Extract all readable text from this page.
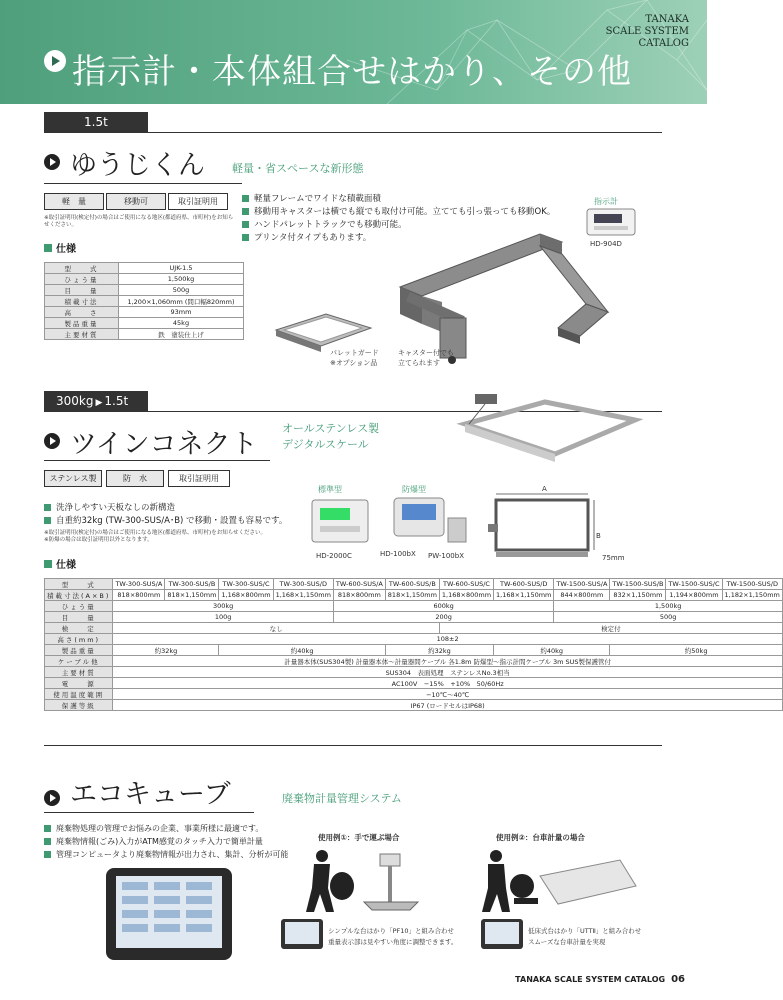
指示計・本体組合せはかり、その他
TANAKA
SCALE SYSTEM
CATALOG
1.5t
ゆうじくん 軽量・省スペースな新形態
軽　量	移動可	取引証明用
※取引証明用(検定付)の場合はご使用になる地区(都道府県、市町村)をお知らせください。
仕様
型　　式	UJK-1.5
ひょう量	1,500kg
目　　量	500g
積載寸法	1,200×1,060mm (間口幅820mm)
高　　さ	93mm
製品重量	45kg
主要材質	鉄　塗装仕上げ
軽量フレームでワイドな積載面積
移動用キャスターは横でも縦でも取付け可能。立てても引っ張っても移動OK。
ハンドパレットトラックでも移動可能。
プリンタ付タイプもあります。
指示計
HD-904D
パレットガード
※オプション品
キャスター付でも
立てられます
300kg ▶ 1.5t
ツインコネクト
オールステンレス製
デジタルスケール
ステンレス製	防　水	取引証明用
洗浄しやすい天板なしの新構造
自重約32kg (TW-300-SUS/A･B) で移動・設置も容易です。
※取引証明用(検定付)の場合はご使用になる地区(都道府県、市町村)をお知らせください。
※防爆の場合は取引証明用以外となります。
仕様
標準型	防爆型
HD-2000C	HD-100bX PW-100bX
A
B
75mm
型　　式	TW-300-SUS/A	TW-300-SUS/B	TW-300-SUS/C	TW-300-SUS/D	TW-600-SUS/A	TW-600-SUS/B	TW-600-SUS/C	TW-600-SUS/D	TW-1500-SUS/A	TW-1500-SUS/B	TW-1500-SUS/C	TW-1500-SUS/D
積載寸法(A×B)	818×800mm	818×1,150mm	1,168×800mm	1,168×1,150mm	818×800mm	818×1,150mm	1,168×800mm	1,168×1,150mm	844×800mm	832×1,150mm	1,194×800mm	1,182×1,150mm
ひょう量	300kg				600kg				1,500kg			
目　　量	100g				200g				500g			
検　　定	なし						検定付					
高さ(mm)	108±2											
製品重量	約32kg		約40kg			約32kg		約40kg		約50kg		
ケーブル他	計量器本体(SUS304製) 計量器本体〜計量器間ケーブル 各1.8m 防爆型〜指示計間ケーブル 3m SUS製保護管付											
主要材質	SUS304　表面処理　ステンレスNo.3相当											
電　　源	AC100V　−15%　+10%　50/60Hz											
使用温度範囲	−10℃〜40℃											
保護等級	IP67 (ロードセルはIP68)											
エコキューブ	廃棄物計量管理システム
廃棄物処理の管理でお悩みの企業、事業所様に最適です。
廃棄物情報(ごみ)入力がATM感覚のタッチ入力で簡単計量
管理コンピュータより廃棄物情報が出力され、集計、分析が可能
使用例①：手で運ぶ場合	使用例②：台車計量の場合
シンプルな台はかり「PF10」と組み合わせ
重量表示部は見やすい角度に調整できます。
低床式台はかり「UTTⅡ」と組み合わせ
スムーズな台車計量を実現
TANAKA SCALE SYSTEM CATALOG 06
